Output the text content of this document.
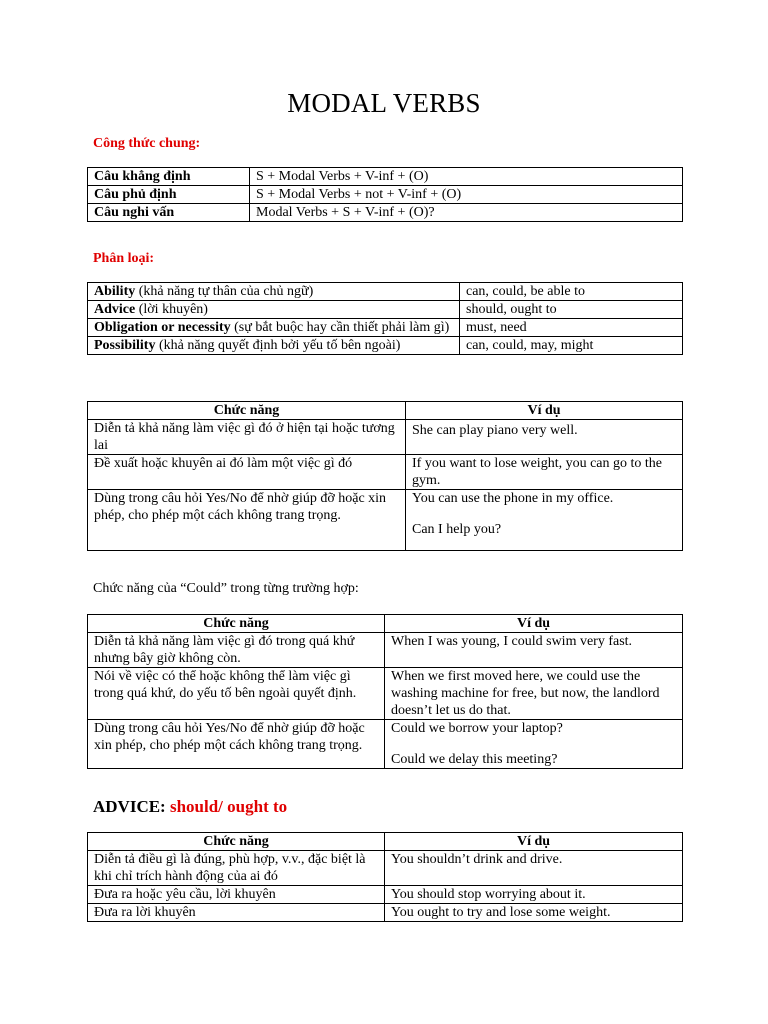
MODAL VERBS
Công thức chung:
Câu khẳng định	S + Modal Verbs + V-inf + (O)
Câu phủ định	S + Modal Verbs + not + V-inf + (O)
Câu nghi vấn	Modal Verbs + S + V-inf + (O)?
Phân loại:
Ability (khả năng tự thân của chủ ngữ)	can, could, be able to
Advice (lời khuyên)	should, ought to
Obligation or necessity (sự bắt buộc hay cần thiết phải làm gì)	must, need
Possibility (khả năng quyết định bởi yếu tố bên ngoài)	can, could, may, might
Chức năng	Ví dụ
Diễn tả khả năng làm việc gì đó ở hiện tại hoặc tương lai	She can play piano very well.
Đề xuất hoặc khuyên ai đó làm một việc gì đó	If you want to lose weight, you can go to the gym.
Dùng trong câu hỏi Yes/No để nhờ giúp đỡ hoặc xin phép, cho phép một cách không trang trọng.	You can use the phone in my office.
Can I help you?
Chức năng của “Could” trong từng trường hợp:
Chức năng	Ví dụ
Diễn tả khả năng làm việc gì đó trong quá khứ nhưng bây giờ không còn.	When I was young, I could swim very fast.
Nói về việc có thể hoặc không thể làm việc gì trong quá khứ, do yếu tố bên ngoài quyết định.	When we first moved here, we could use the washing machine for free, but now, the landlord doesn’t let us do that.
Dùng trong câu hỏi Yes/No để nhờ giúp đỡ hoặc xin phép, cho phép một cách không trang trọng.	Could we borrow your laptop?
Could we delay this meeting?
ADVICE: should/ ought to
Chức năng	Ví dụ
Diễn tả điều gì là đúng, phù hợp, v.v., đặc biệt là khi chỉ trích hành động của ai đó	You shouldn’t drink and drive.
Đưa ra hoặc yêu cầu, lời khuyên	You should stop worrying about it.
Đưa ra lời khuyên	You ought to try and lose some weight.
